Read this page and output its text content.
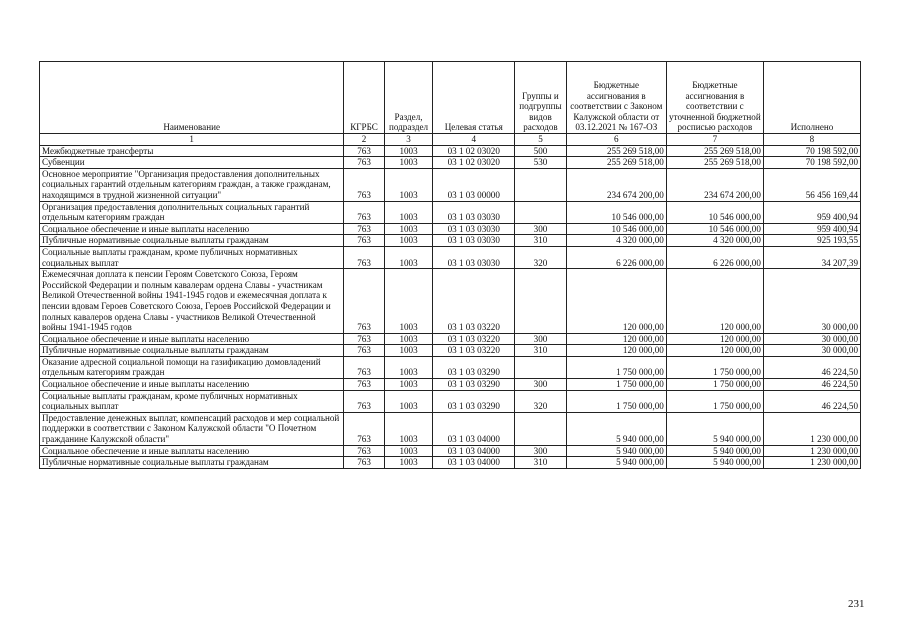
Наименование	КГРБС	Раздел, подраздел	Целевая статья	Группы и подгруппы видов расходов	Бюджетные ассигнования в соответствии с Законом Калужской области от 03.12.2021 № 167-ОЗ	Бюджетные ассигнования в соответствии с уточненной бюджетной росписью расходов	Исполнено
1	2	3	4	5	6	7	8
Межбюджетные трансферты	763	1003	03 1 02 03020	500	255 269 518,00	255 269 518,00	70 198 592,00
Субвенции	763	1003	03 1 02 03020	530	255 269 518,00	255 269 518,00	70 198 592,00
Основное мероприятие "Организация предоставления дополнительных социальных гарантий отдельным категориям граждан, а также гражданам, находящимся в трудной жизненной ситуации"	763	1003	03 1 03 00000		234 674 200,00	234 674 200,00	56 456 169,44
Организация предоставления дополнительных социальных гарантий отдельным категориям граждан	763	1003	03 1 03 03030		10 546 000,00	10 546 000,00	959 400,94
Социальное обеспечение и иные выплаты населению	763	1003	03 1 03 03030	300	10 546 000,00	10 546 000,00	959 400,94
Публичные нормативные социальные выплаты гражданам	763	1003	03 1 03 03030	310	4 320 000,00	4 320 000,00	925 193,55
Социальные выплаты гражданам, кроме публичных нормативных социальных выплат	763	1003	03 1 03 03030	320	6 226 000,00	6 226 000,00	34 207,39
Ежемесячная доплата к пенсии Героям Советского Союза, Героям Российской Федерации и полным кавалерам ордена Славы - участникам Великой Отечественной войны 1941-1945 годов и ежемесячная доплата к пенсии вдовам Героев Советского Союза, Героев Российской Федерации и полных кавалеров ордена Славы - участников Великой Отечественной войны 1941-1945 годов	763	1003	03 1 03 03220		120 000,00	120 000,00	30 000,00
Социальное обеспечение и иные выплаты населению	763	1003	03 1 03 03220	300	120 000,00	120 000,00	30 000,00
Публичные нормативные социальные выплаты гражданам	763	1003	03 1 03 03220	310	120 000,00	120 000,00	30 000,00
Оказание адресной социальной помощи на газификацию домовладений отдельным категориям граждан	763	1003	03 1 03 03290		1 750 000,00	1 750 000,00	46 224,50
Социальное обеспечение и иные выплаты населению	763	1003	03 1 03 03290	300	1 750 000,00	1 750 000,00	46 224,50
Социальные выплаты гражданам, кроме публичных нормативных социальных выплат	763	1003	03 1 03 03290	320	1 750 000,00	1 750 000,00	46 224,50
Предоставление денежных выплат, компенсаций расходов и мер социальной поддержки в соответствии с Законом Калужской области "О Почетном гражданине Калужской области"	763	1003	03 1 03 04000		5 940 000,00	5 940 000,00	1 230 000,00
Социальное обеспечение и иные выплаты населению	763	1003	03 1 03 04000	300	5 940 000,00	5 940 000,00	1 230 000,00
Публичные нормативные социальные выплаты гражданам	763	1003	03 1 03 04000	310	5 940 000,00	5 940 000,00	1 230 000,00
231
